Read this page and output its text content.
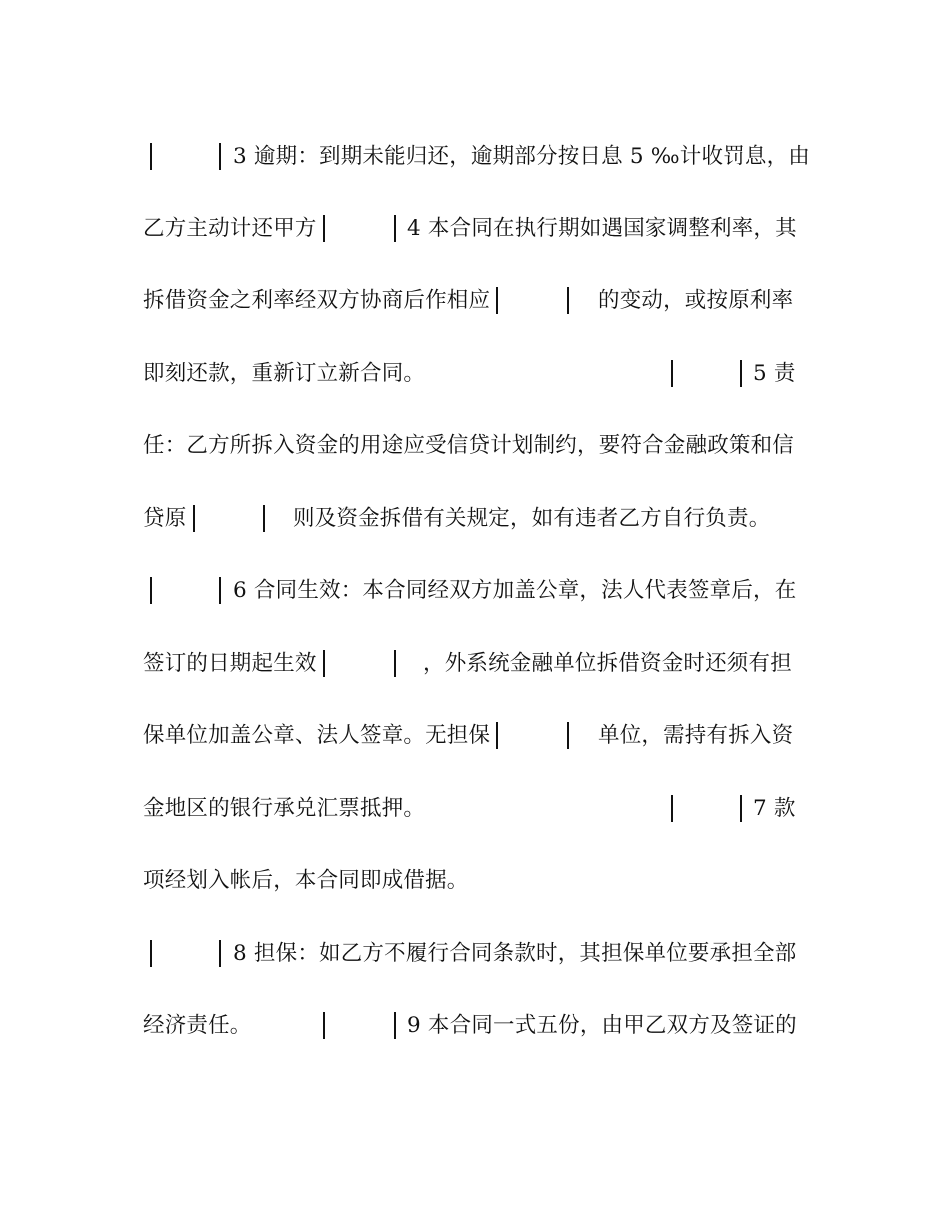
3 逾期：到期未能归还，逾期部分按日息 5 ‰计收罚息，由
乙方主动计还甲方	4 本合同在执行期如遇国家调整利率，其
拆借资金之利率经双方协商后作相应	的变动，或按原利率
即刻还款，重新订立新合同。	5 责
任：乙方所拆入资金的用途应受信贷计划制约，要符合金融政策和信
贷原	则及资金拆借有关规定，如有违者乙方自行负责。
6 合同生效：本合同经双方加盖公章，法人代表签章后，在
签订的日期起生效	，外系统金融单位拆借资金时还须有担
保单位加盖公章、法人签章。无担保	单位，需持有拆入资
金地区的银行承兑汇票抵押。	7 款
项经划入帐后，本合同即成借据。
8 担保：如乙方不履行合同条款时，其担保单位要承担全部
经济责任。	9 本合同一式五份，由甲乙双方及签证的
